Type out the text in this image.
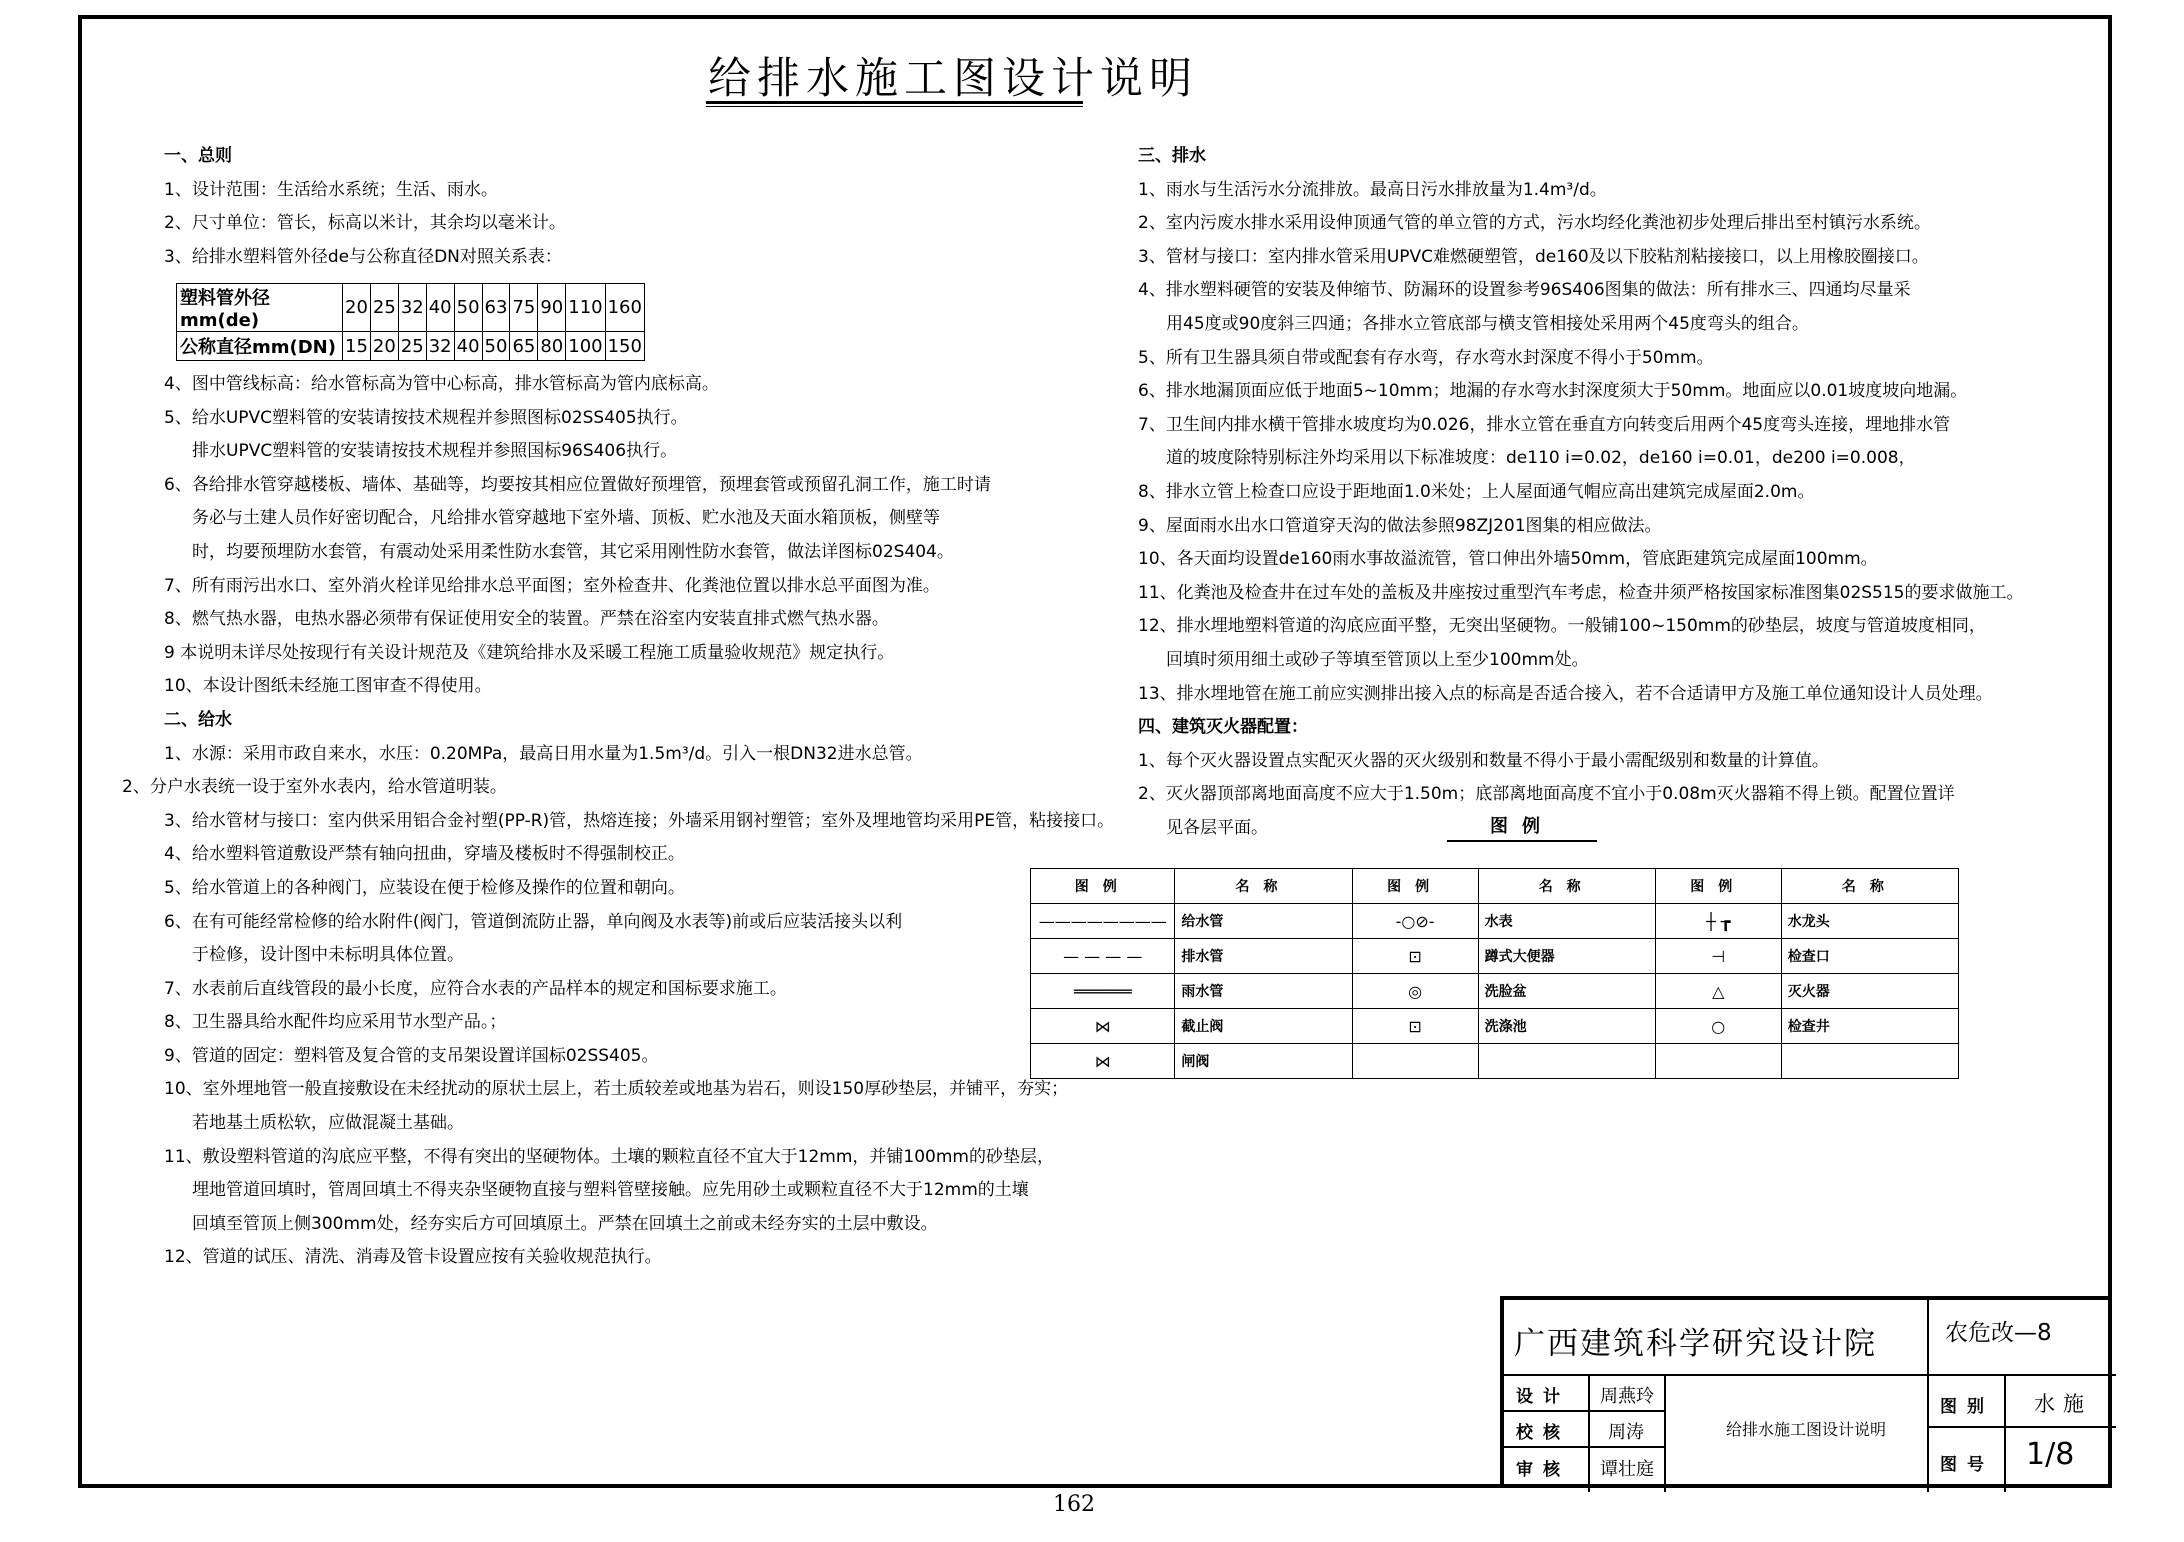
给排水施工图设计说明
一、总则
1、设计范围：生活给水系统；生活、雨水。
2、尺寸单位：管长，标高以米计，其余均以毫米计。
3、给排水塑料管外径de与公称直径DN对照关系表：
塑料管外径mm(de)	20	25	32	40	50	63	75	90	110	160
公称直径mm(DN)	15	20	25	32	40	50	65	80	100	150
4、图中管线标高：给水管标高为管中心标高，排水管标高为管内底标高。
5、给水UPVC塑料管的安装请按技术规程并参照图标02SS405执行。
排水UPVC塑料管的安装请按技术规程并参照国标96S406执行。
6、各给排水管穿越楼板、墙体、基础等，均要按其相应位置做好预埋管，预埋套管或预留孔洞工作，施工时请
务必与土建人员作好密切配合，凡给排水管穿越地下室外墙、顶板、贮水池及天面水箱顶板，侧壁等
时，均要预埋防水套管，有震动处采用柔性防水套管，其它采用刚性防水套管，做法详图标02S404。
7、所有雨污出水口、室外消火栓详见给排水总平面图；室外检查井、化粪池位置以排水总平面图为准。
8、燃气热水器，电热水器必须带有保证使用安全的装置。严禁在浴室内安装直排式燃气热水器。
9 本说明未详尽处按现行有关设计规范及《建筑给排水及采暖工程施工质量验收规范》规定执行。
10、本设计图纸未经施工图审查不得使用。
二、给水
1、水源：采用市政自来水，水压：0.20MPa，最高日用水量为1.5m³/d。引入一根DN32进水总管。
2、分户水表统一设于室外水表内，给水管道明装。
3、给水管材与接口：室内供采用铝合金衬塑(PP-R)管，热熔连接；外墙采用钢衬塑管；室外及埋地管均采用PE管，粘接接口。
4、给水塑料管道敷设严禁有轴向扭曲，穿墙及楼板时不得强制校正。
5、给水管道上的各种阀门，应装设在便于检修及操作的位置和朝向。
6、在有可能经常检修的给水附件(阀门，管道倒流防止器，单向阀及水表等)前或后应装活接头以利
于检修，设计图中未标明具体位置。
7、水表前后直线管段的最小长度，应符合水表的产品样本的规定和国标要求施工。
8、卫生器具给水配件均应采用节水型产品。；
9、管道的固定：塑料管及复合管的支吊架设置详国标02SS405。
10、室外埋地管一般直接敷设在未经扰动的原状土层上，若土质较差或地基为岩石，则设150厚砂垫层，并铺平，夯实；
若地基土质松软，应做混凝土基础。
11、敷设塑料管道的沟底应平整，不得有突出的坚硬物体。土壤的颗粒直径不宜大于12mm，并铺100mm的砂垫层，
埋地管道回填时，管周回填土不得夹杂坚硬物直接与塑料管壁接触。应先用砂土或颗粒直径不大于12mm的土壤
回填至管顶上侧300mm处，经夯实后方可回填原土。严禁在回填土之前或未经夯实的土层中敷设。
12、管道的试压、清洗、消毒及管卡设置应按有关验收规范执行。
三、排水
1、雨水与生活污水分流排放。最高日污水排放量为1.4m³/d。
2、室内污废水排水采用设伸顶通气管的单立管的方式，污水均经化粪池初步处理后排出至村镇污水系统。
3、管材与接口：室内排水管采用UPVC难燃硬塑管，de160及以下胶粘剂粘接接口，以上用橡胶圈接口。
4、排水塑料硬管的安装及伸缩节、防漏环的设置参考96S406图集的做法：所有排水三、四通均尽量采
用45度或90度斜三四通；各排水立管底部与横支管相接处采用两个45度弯头的组合。
5、所有卫生器具须自带或配套有存水弯，存水弯水封深度不得小于50mm。
6、排水地漏顶面应低于地面5~10mm；地漏的存水弯水封深度须大于50mm。地面应以0.01坡度坡向地漏。
7、卫生间内排水横干管排水坡度均为0.026，排水立管在垂直方向转变后用两个45度弯头连接，埋地排水管
道的坡度除特别标注外均采用以下标准坡度：de110 i=0.02，de160 i=0.01，de200 i=0.008，
8、排水立管上检查口应设于距地面1.0米处；上人屋面通气帽应高出建筑完成屋面2.0m。
9、屋面雨水出水口管道穿天沟的做法参照98ZJ201图集的相应做法。
10、各天面均设置de160雨水事故溢流管，管口伸出外墙50mm，管底距建筑完成屋面100mm。
11、化粪池及检查井在过车处的盖板及井座按过重型汽车考虑，检查井须严格按国家标准图集02S515的要求做施工。
12、排水埋地塑料管道的沟底应面平整，无突出坚硬物。一般铺100~150mm的砂垫层，坡度与管道坡度相同，
回填时须用细土或砂子等填至管顶以上至少100mm处。
13、排水埋地管在施工前应实测排出接入点的标高是否适合接入，若不合适请甲方及施工单位通知设计人员处理。
四、建筑灭火器配置：
1、每个灭火器设置点实配灭火器的灭火级别和数量不得小于最小需配级别和数量的计算值。
2、灭火器顶部离地面高度不应大于1.50m；底部离地面高度不宜小于0.08m灭火器箱不得上锁。配置位置详
见各层平面。	图例
图例	名称	图例	名称	图例	名称
————————	给水管	-○⊘-	水表	┼ ┲	水龙头
— — — —	排水管	⊡	蹲式大便器	⊣	检查口
══════	雨水管	◎	洗脸盆	△	灭火器
⋈	截止阀	⊡	洗涤池	○	检查井
⋈	闸阀				
广西建筑科学研究设计院	农危改—8
设计 周燕玲
校核 周涛
审核 谭壮庭
给排水施工图设计说明
图别 水施
图号 1/8
162
